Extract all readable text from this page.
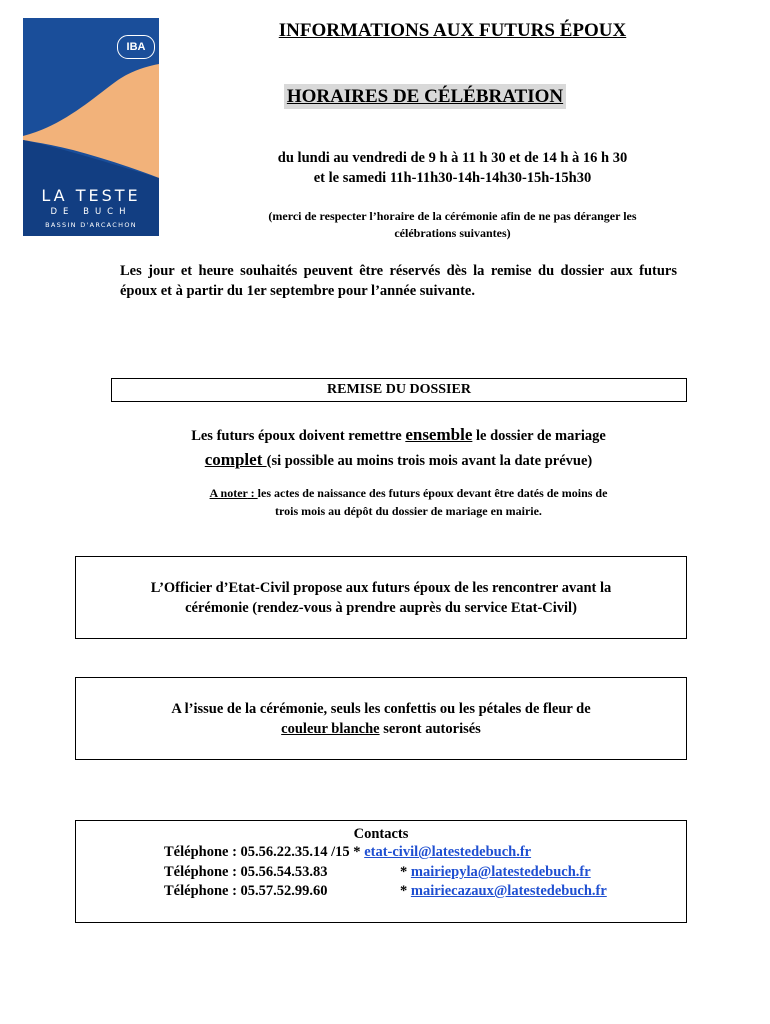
IBA
LA TESTE
DE BUCH
BASSIN D'ARCACHON
INFORMATIONS AUX FUTURS ÉPOUX
HORAIRES DE CÉLÉBRATION
du lundi au vendredi de 9 h à 11 h 30 et de 14 h à 16 h 30
et le samedi 11h-11h30-14h-14h30-15h-15h30
(merci de respecter l’horaire de la cérémonie afin de ne pas déranger les
célébrations suivantes)
Les jour et heure souhaités peuvent être réservés dès la remise du dossier aux futurs époux et à partir du 1er septembre pour l’année suivante.
REMISE DU DOSSIER
Les futurs époux doivent remettre ensemble le dossier de mariage
complet (si possible au moins trois mois avant la date prévue)
A noter : les actes de naissance des futurs époux devant être datés de moins de
trois mois au dépôt du dossier de mariage en mairie.
L’Officier d’Etat-Civil propose aux futurs époux de les rencontrer avant la
cérémonie (rendez-vous à prendre auprès du service Etat-Civil)
A l’issue de la cérémonie, seuls les confettis ou les pétales de fleur de
couleur blanche seront autorisés
Contacts
Téléphone : 05.56.22.35.14 /15 * etat-civil@latestedebuch.fr
Téléphone : 05.56.54.53.83	* mairiepyla@latestedebuch.fr
Téléphone : 05.57.52.99.60	* mairiecazaux@latestedebuch.fr
